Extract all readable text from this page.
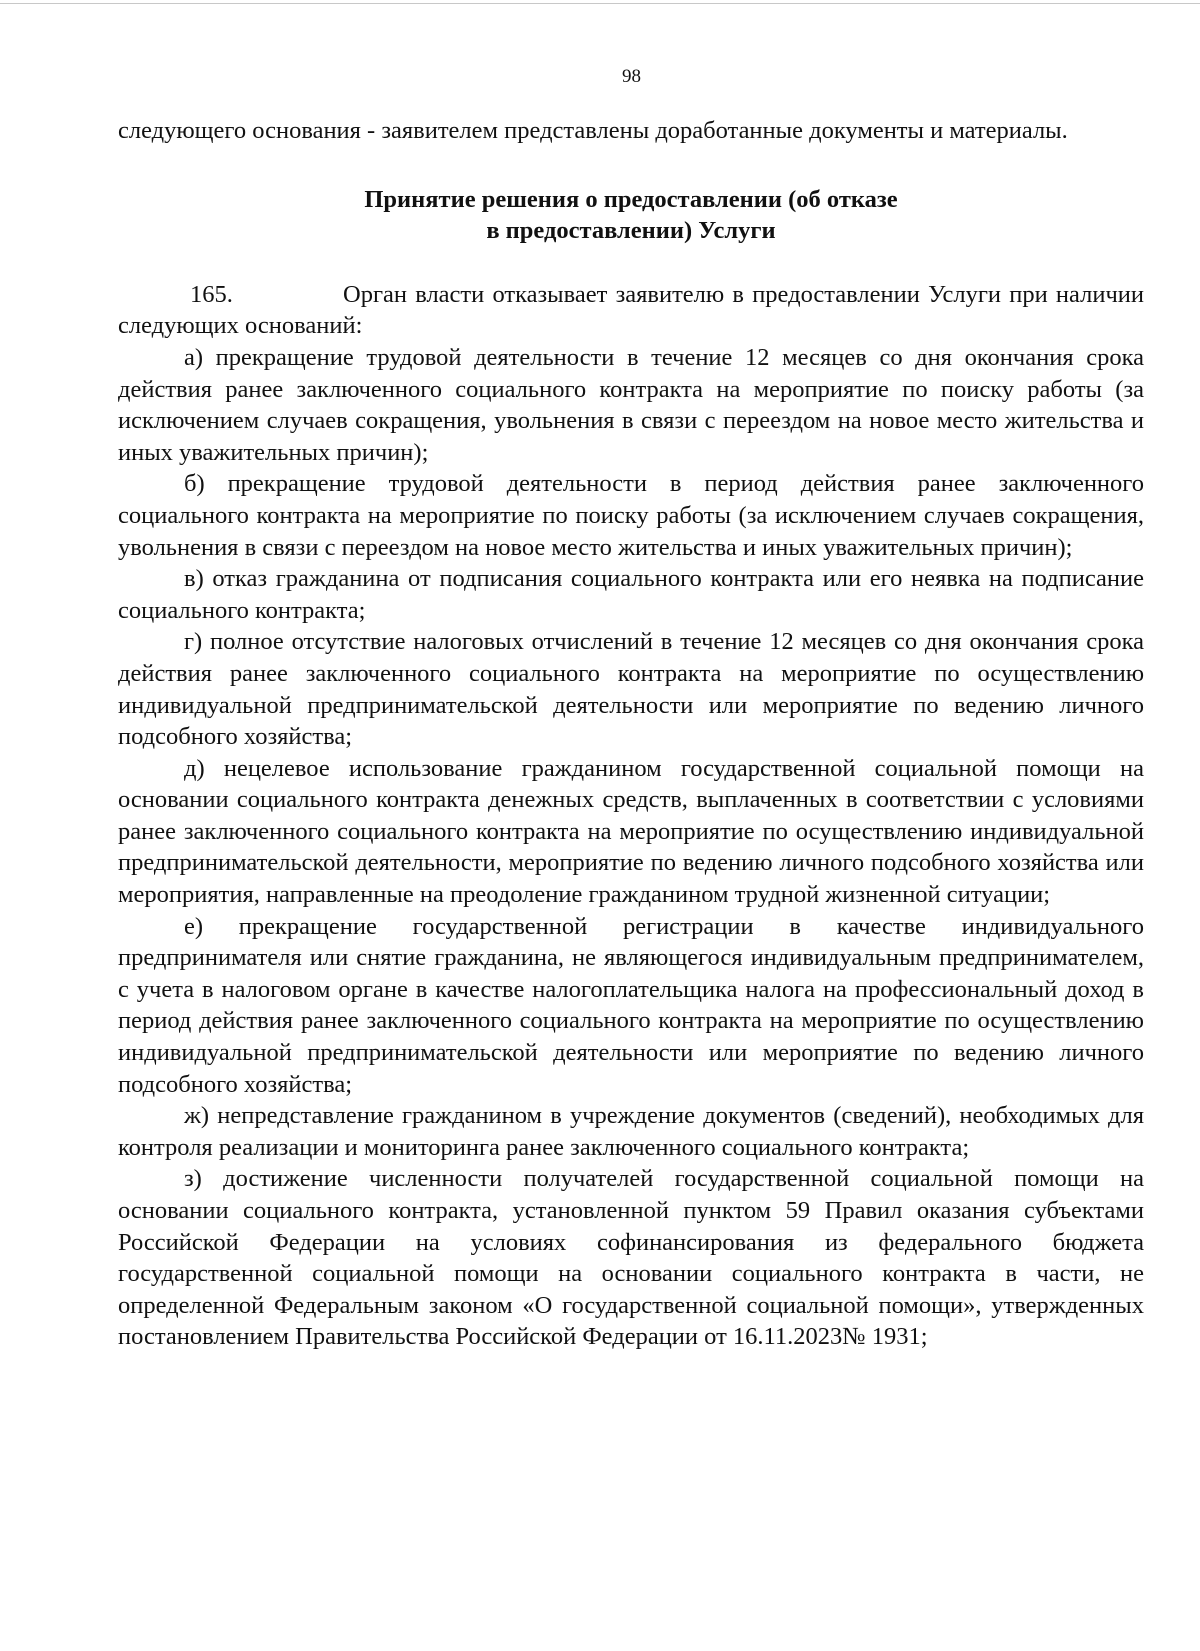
98

следующего основания - заявителем представлены доработанные документы и материалы.

Принятие решения о предоставлении (об отказе
в предоставлении) Услуги

165.	Орган власти отказывает заявителю в предоставлении Услуги при наличии следующих оснований:

а) прекращение трудовой деятельности в течение 12 месяцев со дня окончания срока действия ранее заключенного социального контракта на мероприятие по поиску работы (за исключением случаев сокращения, увольнения в связи с переездом на новое место жительства и иных уважительных причин);

б) прекращение трудовой деятельности в период действия ранее заключенного социального контракта на мероприятие по поиску работы (за исключением случаев сокращения, увольнения в связи с переездом на новое место жительства и иных уважительных причин);

в) отказ гражданина от подписания социального контракта или его неявка на подписание социального контракта;

г) полное отсутствие налоговых отчислений в течение 12 месяцев со дня окончания срока действия ранее заключенного социального контракта на мероприятие по осуществлению индивидуальной предпринимательской деятельности или мероприятие по ведению личного подсобного хозяйства;

д) нецелевое использование гражданином государственной социальной помощи на основании социального контракта денежных средств, выплаченных в соответствии с условиями ранее заключенного социального контракта на мероприятие по осуществлению индивидуальной предпринимательской деятельности, мероприятие по ведению личного подсобного хозяйства или мероприятия, направленные на преодоление гражданином трудной жизненной ситуации;

е) прекращение государственной регистрации в качестве индивидуального предпринимателя или снятие гражданина, не являющегося индивидуальным предпринимателем, с учета в налоговом органе в качестве налогоплательщика налога на профессиональный доход в период действия ранее заключенного социального контракта на мероприятие по осуществлению индивидуальной предпринимательской деятельности или мероприятие по ведению личного подсобного хозяйства;

ж) непредставление гражданином в учреждение документов (сведений), необходимых для контроля реализации и мониторинга ранее заключенного социального контракта;

з) достижение численности получателей государственной социальной помощи на основании социального контракта, установленной пунктом 59 Правил оказания субъектами Российской Федерации на условиях софинансирования из федерального бюджета государственной социальной помощи на основании социального контракта в части, не определенной Федеральным законом «О государственной социальной помощи», утвержденных постановлением Правительства Российской Федерации от 16.11.2023№ 1931;
